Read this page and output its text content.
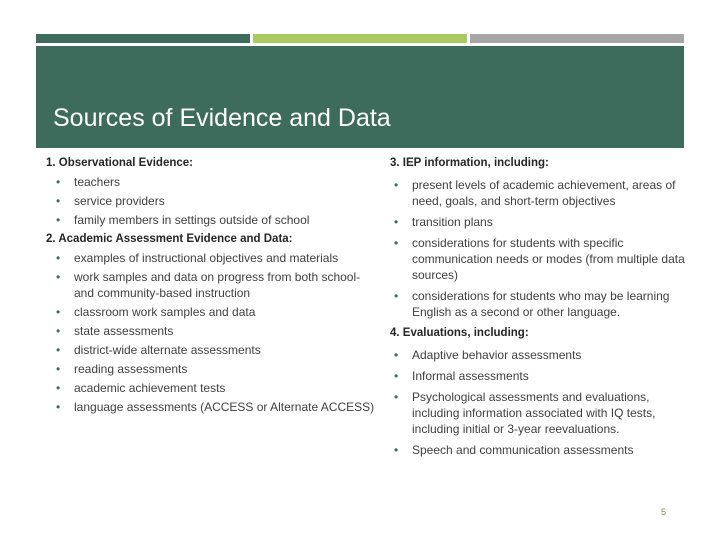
Sources of Evidence and Data

1. Observational Evidence:

• teachers
• service providers
• family members in settings outside of school

2. Academic Assessment Evidence and Data:

• examples of instructional objectives and materials
• work samples and data on progress from both school- and community-based instruction
• classroom work samples and data
• state assessments
• district-wide alternate assessments
• reading assessments
• academic achievement tests
• language assessments (ACCESS or Alternate ACCESS)

3. IEP information, including:

• present levels of academic achievement, areas of need, goals, and short-term objectives
• transition plans
• considerations for students with specific communication needs or modes (from multiple data sources)
• considerations for students who may be learning English as a second or other language.

4. Evaluations, including:

• Adaptive behavior assessments
• Informal assessments
• Psychological assessments and evaluations, including information associated with IQ tests, including initial or 3-year reevaluations.
• Speech and communication assessments
5
